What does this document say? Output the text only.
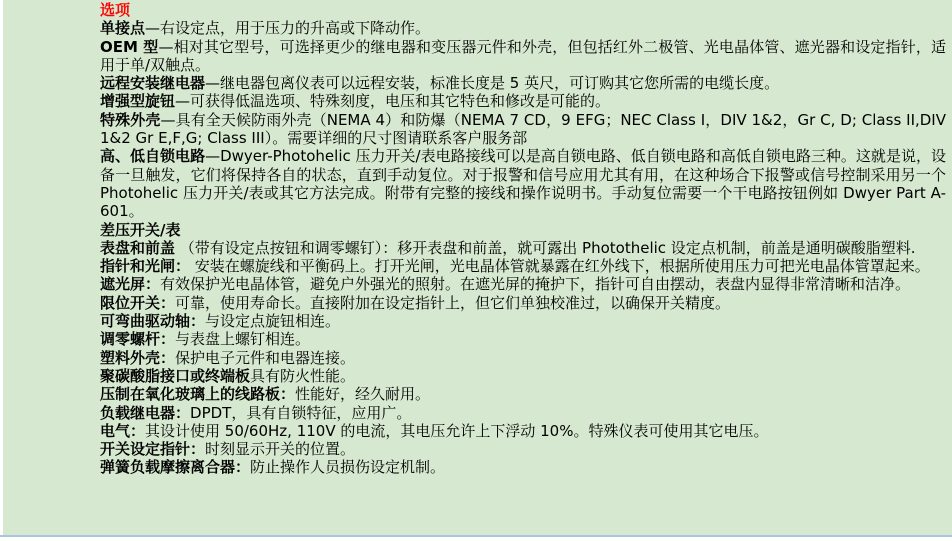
选项

单接点—右设定点，用于压力的升高或下降动作。

OEM 型—相对其它型号，可选择更少的继电器和变压器元件和外壳，但包括红外二极管、光电晶体管、遮光器和设定指针，适用于单/双触点。

远程安装继电器—继电器包离仪表可以远程安装，标准长度是 5 英尺，可订购其它您所需的电缆长度。

增强型旋钮—可获得低温选项、特殊刻度，电压和其它特色和修改是可能的。

特殊外壳—具有全天候防雨外壳（NEMA 4）和防爆（NEMA 7 CD，9 EFG；NEC Class I，DIV 1&2，Gr C, D; Class II,DIV 1&2 Gr E,F,G; Class III）。需要详细的尺寸图请联系客户服务部

高、低自锁电路—Dwyer-Photohelic 压力开关/表电路接线可以是高自锁电路、低自锁电路和高低自锁电路三种。这就是说，设备一旦触发，它们将保持各自的状态，直到手动复位。对于报警和信号应用尤其有用，在这种场合下报警或信号控制采用另一个 Photohelic 压力开关/表或其它方法完成。附带有完整的接线和操作说明书。手动复位需要一个干电路按钮例如 Dwyer Part A-601。

差压开关/表

表盘和前盖 （带有设定点按钮和调零螺钉）：移开表盘和前盖，就可露出 Photothelic 设定点机制，前盖是通明碳酸脂塑料.

指针和光闸： 安装在螺旋线和平衡码上。打开光闸，光电晶体管就暴露在红外线下，根据所使用压力可把光电晶体管罩起来。

遮光屏：有效保护光电晶体管，避免户外强光的照射。在遮光屏的掩护下，指针可自由摆动，表盘内显得非常清晰和洁净。

限位开关：可靠，使用寿命长。直接附加在设定指针上，但它们单独校准过，以确保开关精度。

可弯曲驱动轴：与设定点旋钮相连。

调零螺杆：与表盘上螺钉相连。

塑料外壳：保护电子元件和电器连接。

聚碳酸脂接口或终端板具有防火性能。

压制在氧化玻璃上的线路板：性能好，经久耐用。

负载继电器：DPDT，具有自锁特征，应用广。

电气：其设计使用 50/60Hz, 110V 的电流，其电压允许上下浮动 10%。特殊仪表可使用其它电压。

开关设定指针：时刻显示开关的位置。

弹簧负载摩擦离合器：防止操作人员损伤设定机制。
